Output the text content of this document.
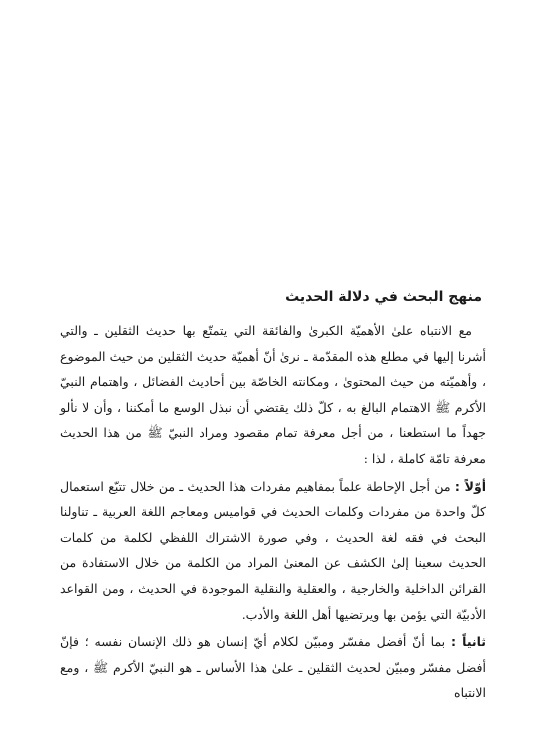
منهج البحث في دلالة الحديث

مع الانتباه علىٰ الأهميّة الكبرىٰ والفائقة التي يتمتّع بها حديث الثقلين ـ والتي أشرنا إليها في مطلع هذه المقدّمة ـ نرىٰ أنّ أهميّة حديث الثقلين من حيث الموضوع ، وأهميّته من حيث المحتوىٰ ، ومكانته الخاصّة بين أحاديث الفضائل ، واهتمام النبيّ الأكرم ﷺ الاهتمام البالغ به ، كلّ ذلك يقتضي أن نبذل الوسع ما أمكننا ، وأن لا نألو جهداً ما استطعنا ، من أجل معرفة تمام مقصود ومراد النبيّ ﷺ من هذا الحديث معرفة تامّة كاملة ، لذا :

أوّلاً : من أجل الإحاطة علماً بمفاهيم مفردات هذا الحديث ـ من خلال تتبّع استعمال كلّ واحدة من مفردات وكلمات الحديث في قواميس ومعاجم اللغة العربية ـ تناولنا البحث في فقه لغة الحديث ، وفي صورة الاشتراك اللفظي لكلمة من كلمات الحديث سعينا إلىٰ الكشف عن المعنىٰ المراد من الكلمة من خلال الاستفادة من القرائن الداخلية والخارجية ، والعقلية والنقلية الموجودة في الحديث ، ومن القواعد الأدبيّة التي يؤمن بها ويرتضيها أهل اللغة والأدب.

ثانياً : بما أنّ أفضل مفسّر ومبيّن لكلام أيّ إنسان هو ذلك الإنسان نفسه ؛ فإنّ أفضل مفسّر ومبيّن لحديث الثقلين ـ علىٰ هذا الأساس ـ هو النبيّ الأكرم ﷺ ، ومع الانتباه
